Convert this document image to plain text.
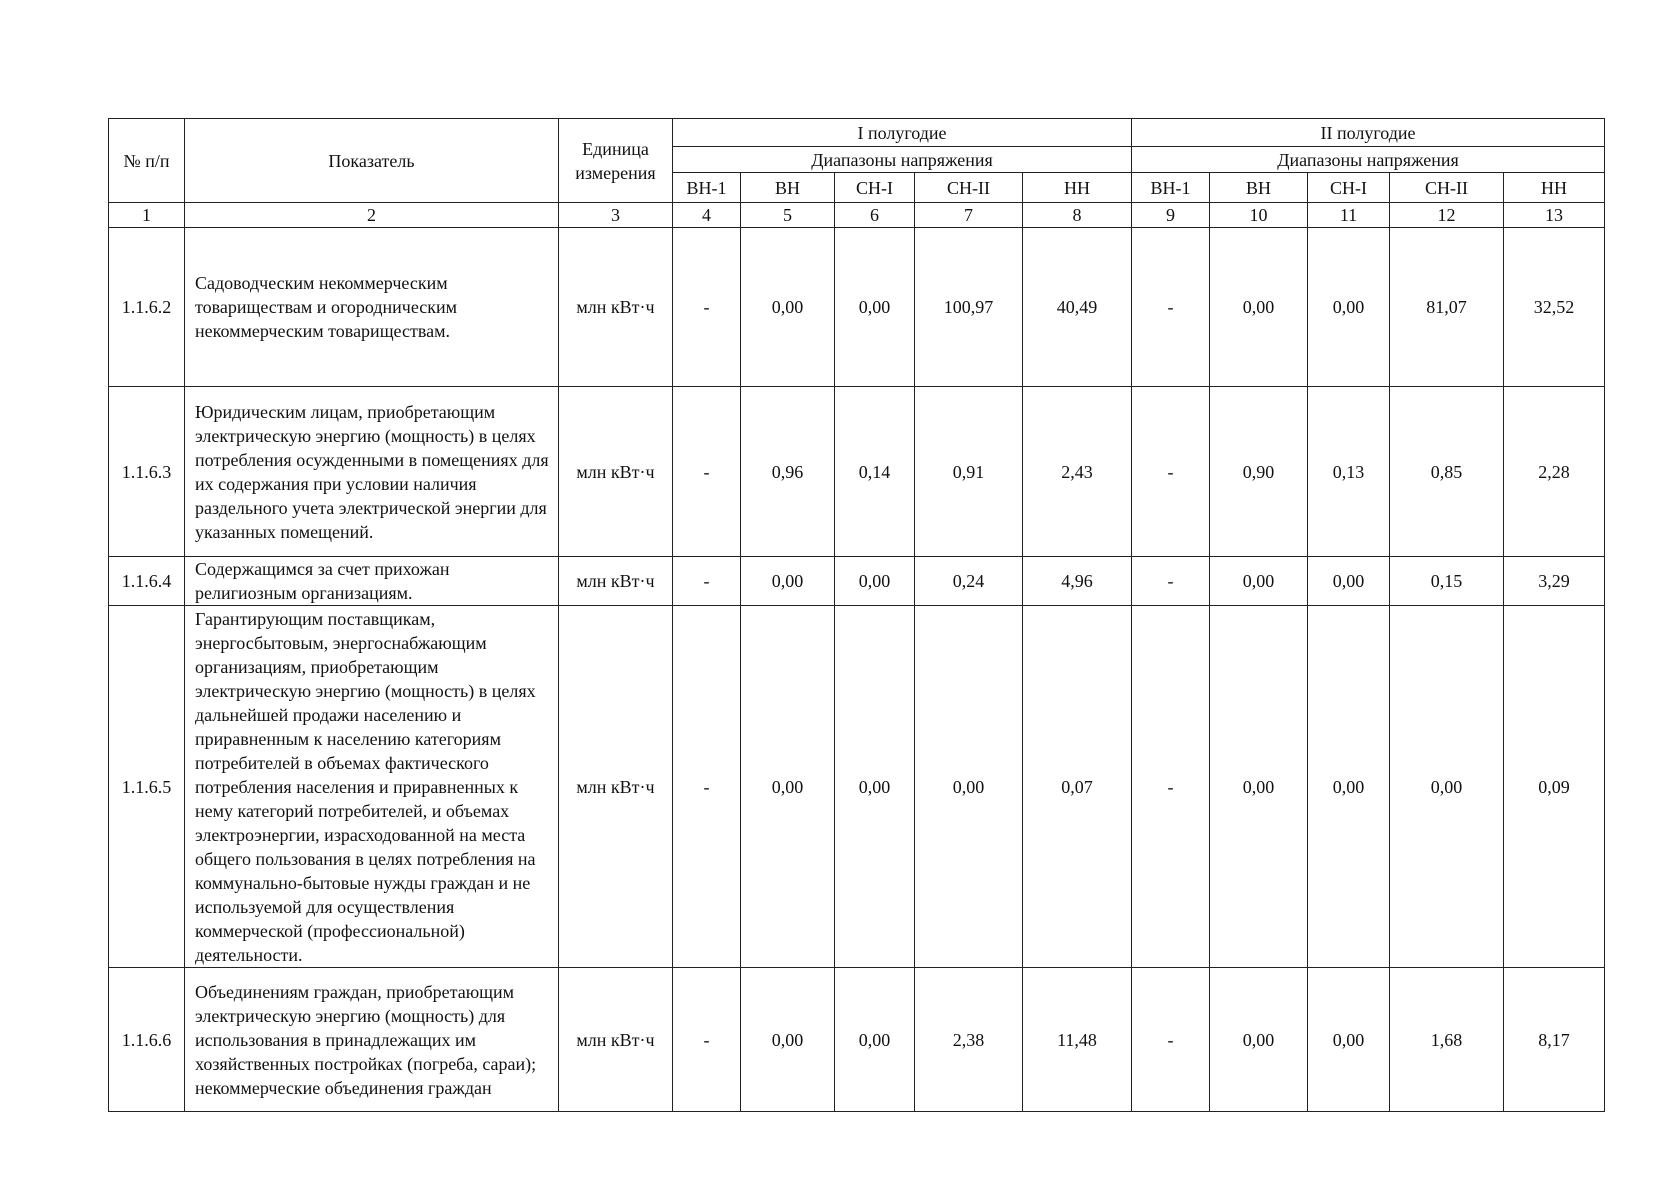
№ п/п	Показатель	Единица измерения	I полугодие					II полугодие				
			Диапазоны напряжения					Диапазоны напряжения				
			ВН-1	ВН	СН-I	СН-II	НН	ВН-1	ВН	СН-I	СН-II	НН
1	2	3	4	5	6	7	8	9	10	11	12	13
1.1.6.2	Садоводческим некоммерческим товариществам и огородническим некоммерческим товариществам.	млн кВт·ч	-	0,00	0,00	100,97	40,49	-	0,00	0,00	81,07	32,52
1.1.6.3	Юридическим лицам, приобретающим электрическую энергию (мощность) в целях потребления осужденными в помещениях для их содержания при условии наличия раздельного учета электрической энергии для указанных помещений.	млн кВт·ч	-	0,96	0,14	0,91	2,43	-	0,90	0,13	0,85	2,28
1.1.6.4	Содержащимся за счет прихожан религиозным организациям.	млн кВт·ч	-	0,00	0,00	0,24	4,96	-	0,00	0,00	0,15	3,29
1.1.6.5	Гарантирующим поставщикам, энергосбытовым, энергоснабжающим организациям, приобретающим электрическую энергию (мощность) в целях дальнейшей продажи населению и приравненным к населению категориям потребителей в объемах фактического потребления населения и приравненных к нему категорий потребителей, и объемах электроэнергии, израсходованной на места общего пользования в целях потребления на коммунально-бытовые нужды граждан и не используемой для осуществления коммерческой (профессиональной) деятельности.	млн кВт·ч	-	0,00	0,00	0,00	0,07	-	0,00	0,00	0,00	0,09
1.1.6.6	Объединениям граждан, приобретающим электрическую энергию (мощность) для использования в принадлежащих им хозяйственных постройках (погреба, сараи);
некоммерческие объединения граждан	млн кВт·ч	-	0,00	0,00	2,38	11,48	-	0,00	0,00	1,68	8,17
